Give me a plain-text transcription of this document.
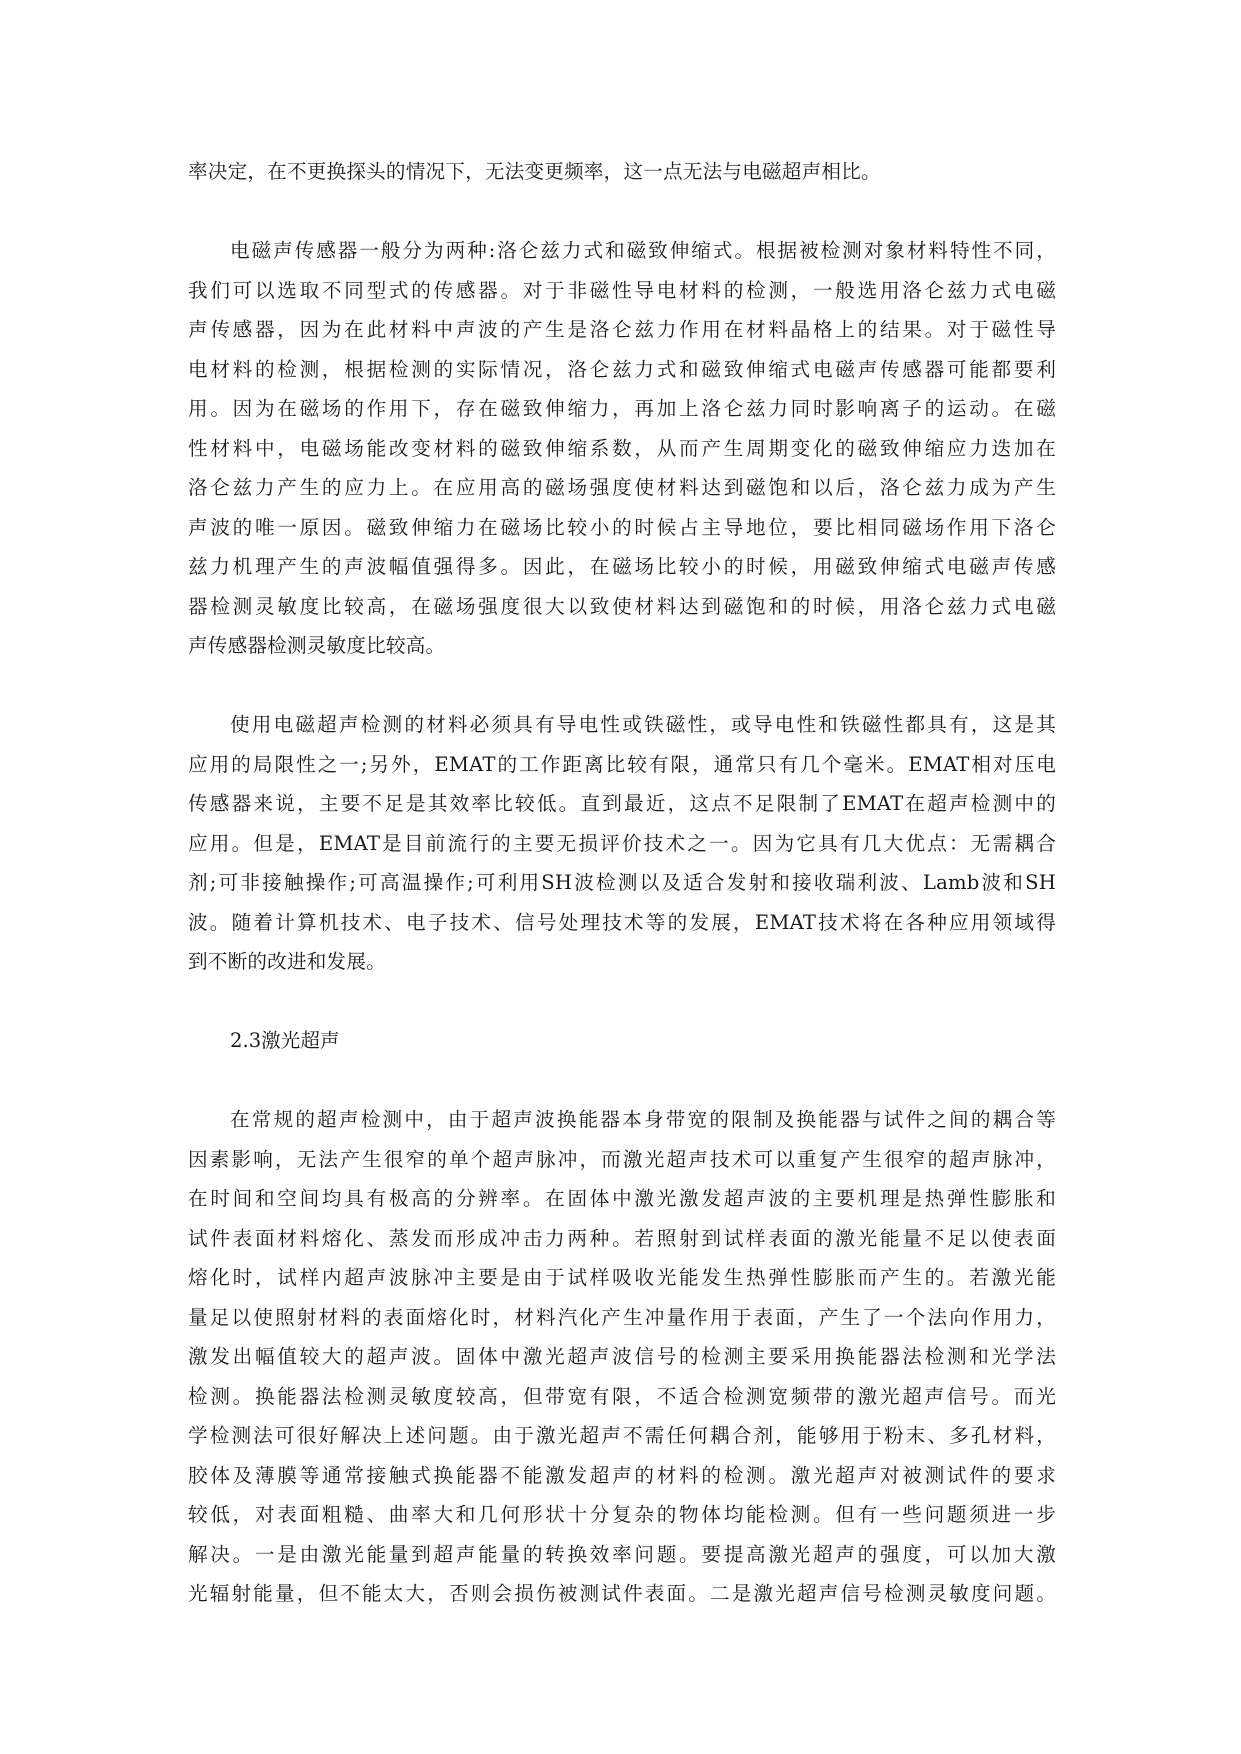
率决定，在不更换探头的情况下，无法变更频率，这一点无法与电磁超声相比。
电磁声传感器一般分为两种:洛仑兹力式和磁致伸缩式。根据被检测对象材料特性不同，
我们可以选取不同型式的传感器。对于非磁性导电材料的检测，一般选用洛仑兹力式电磁
声传感器，因为在此材料中声波的产生是洛仑兹力作用在材料晶格上的结果。对于磁性导
电材料的检测，根据检测的实际情况，洛仑兹力式和磁致伸缩式电磁声传感器可能都要利
用。因为在磁场的作用下，存在磁致伸缩力，再加上洛仑兹力同时影响离子的运动。在磁
性材料中，电磁场能改变材料的磁致伸缩系数，从而产生周期变化的磁致伸缩应力迭加在
洛仑兹力产生的应力上。在应用高的磁场强度使材料达到磁饱和以后，洛仑兹力成为产生
声波的唯一原因。磁致伸缩力在磁场比较小的时候占主导地位，要比相同磁场作用下洛仑
兹力机理产生的声波幅值强得多。因此，在磁场比较小的时候，用磁致伸缩式电磁声传感
器检测灵敏度比较高，在磁场强度很大以致使材料达到磁饱和的时候，用洛仑兹力式电磁
声传感器检测灵敏度比较高。
使用电磁超声检测的材料必须具有导电性或铁磁性，或导电性和铁磁性都具有，这是其
应用的局限性之一;另外，EMAT的工作距离比较有限，通常只有几个毫米。EMAT相对压电
传感器来说，主要不足是其效率比较低。直到最近，这点不足限制了EMAT在超声检测中的
应用。但是，EMAT是目前流行的主要无损评价技术之一。因为它具有几大优点：无需耦合
剂;可非接触操作;可高温操作;可利用SH波检测以及适合发射和接收瑞利波、Lamb波和SH
波。随着计算机技术、电子技术、信号处理技术等的发展，EMAT技术将在各种应用领域得
到不断的改进和发展。
2.3激光超声
在常规的超声检测中，由于超声波换能器本身带宽的限制及换能器与试件之间的耦合等
因素影响，无法产生很窄的单个超声脉冲，而激光超声技术可以重复产生很窄的超声脉冲，
在时间和空间均具有极高的分辨率。在固体中激光激发超声波的主要机理是热弹性膨胀和
试件表面材料熔化、蒸发而形成冲击力两种。若照射到试样表面的激光能量不足以使表面
熔化时，试样内超声波脉冲主要是由于试样吸收光能发生热弹性膨胀而产生的。若激光能
量足以使照射材料的表面熔化时，材料汽化产生冲量作用于表面，产生了一个法向作用力，
激发出幅值较大的超声波。固体中激光超声波信号的检测主要采用换能器法检测和光学法
检测。换能器法检测灵敏度较高，但带宽有限，不适合检测宽频带的激光超声信号。而光
学检测法可很好解决上述问题。由于激光超声不需任何耦合剂，能够用于粉末、多孔材料，
胶体及薄膜等通常接触式换能器不能激发超声的材料的检测。激光超声对被测试件的要求
较低，对表面粗糙、曲率大和几何形状十分复杂的物体均能检测。但有一些问题须进一步
解决。一是由激光能量到超声能量的转换效率问题。要提高激光超声的强度，可以加大激
光辐射能量，但不能太大，否则会损伤被测试件表面。二是激光超声信号检测灵敏度问题。
